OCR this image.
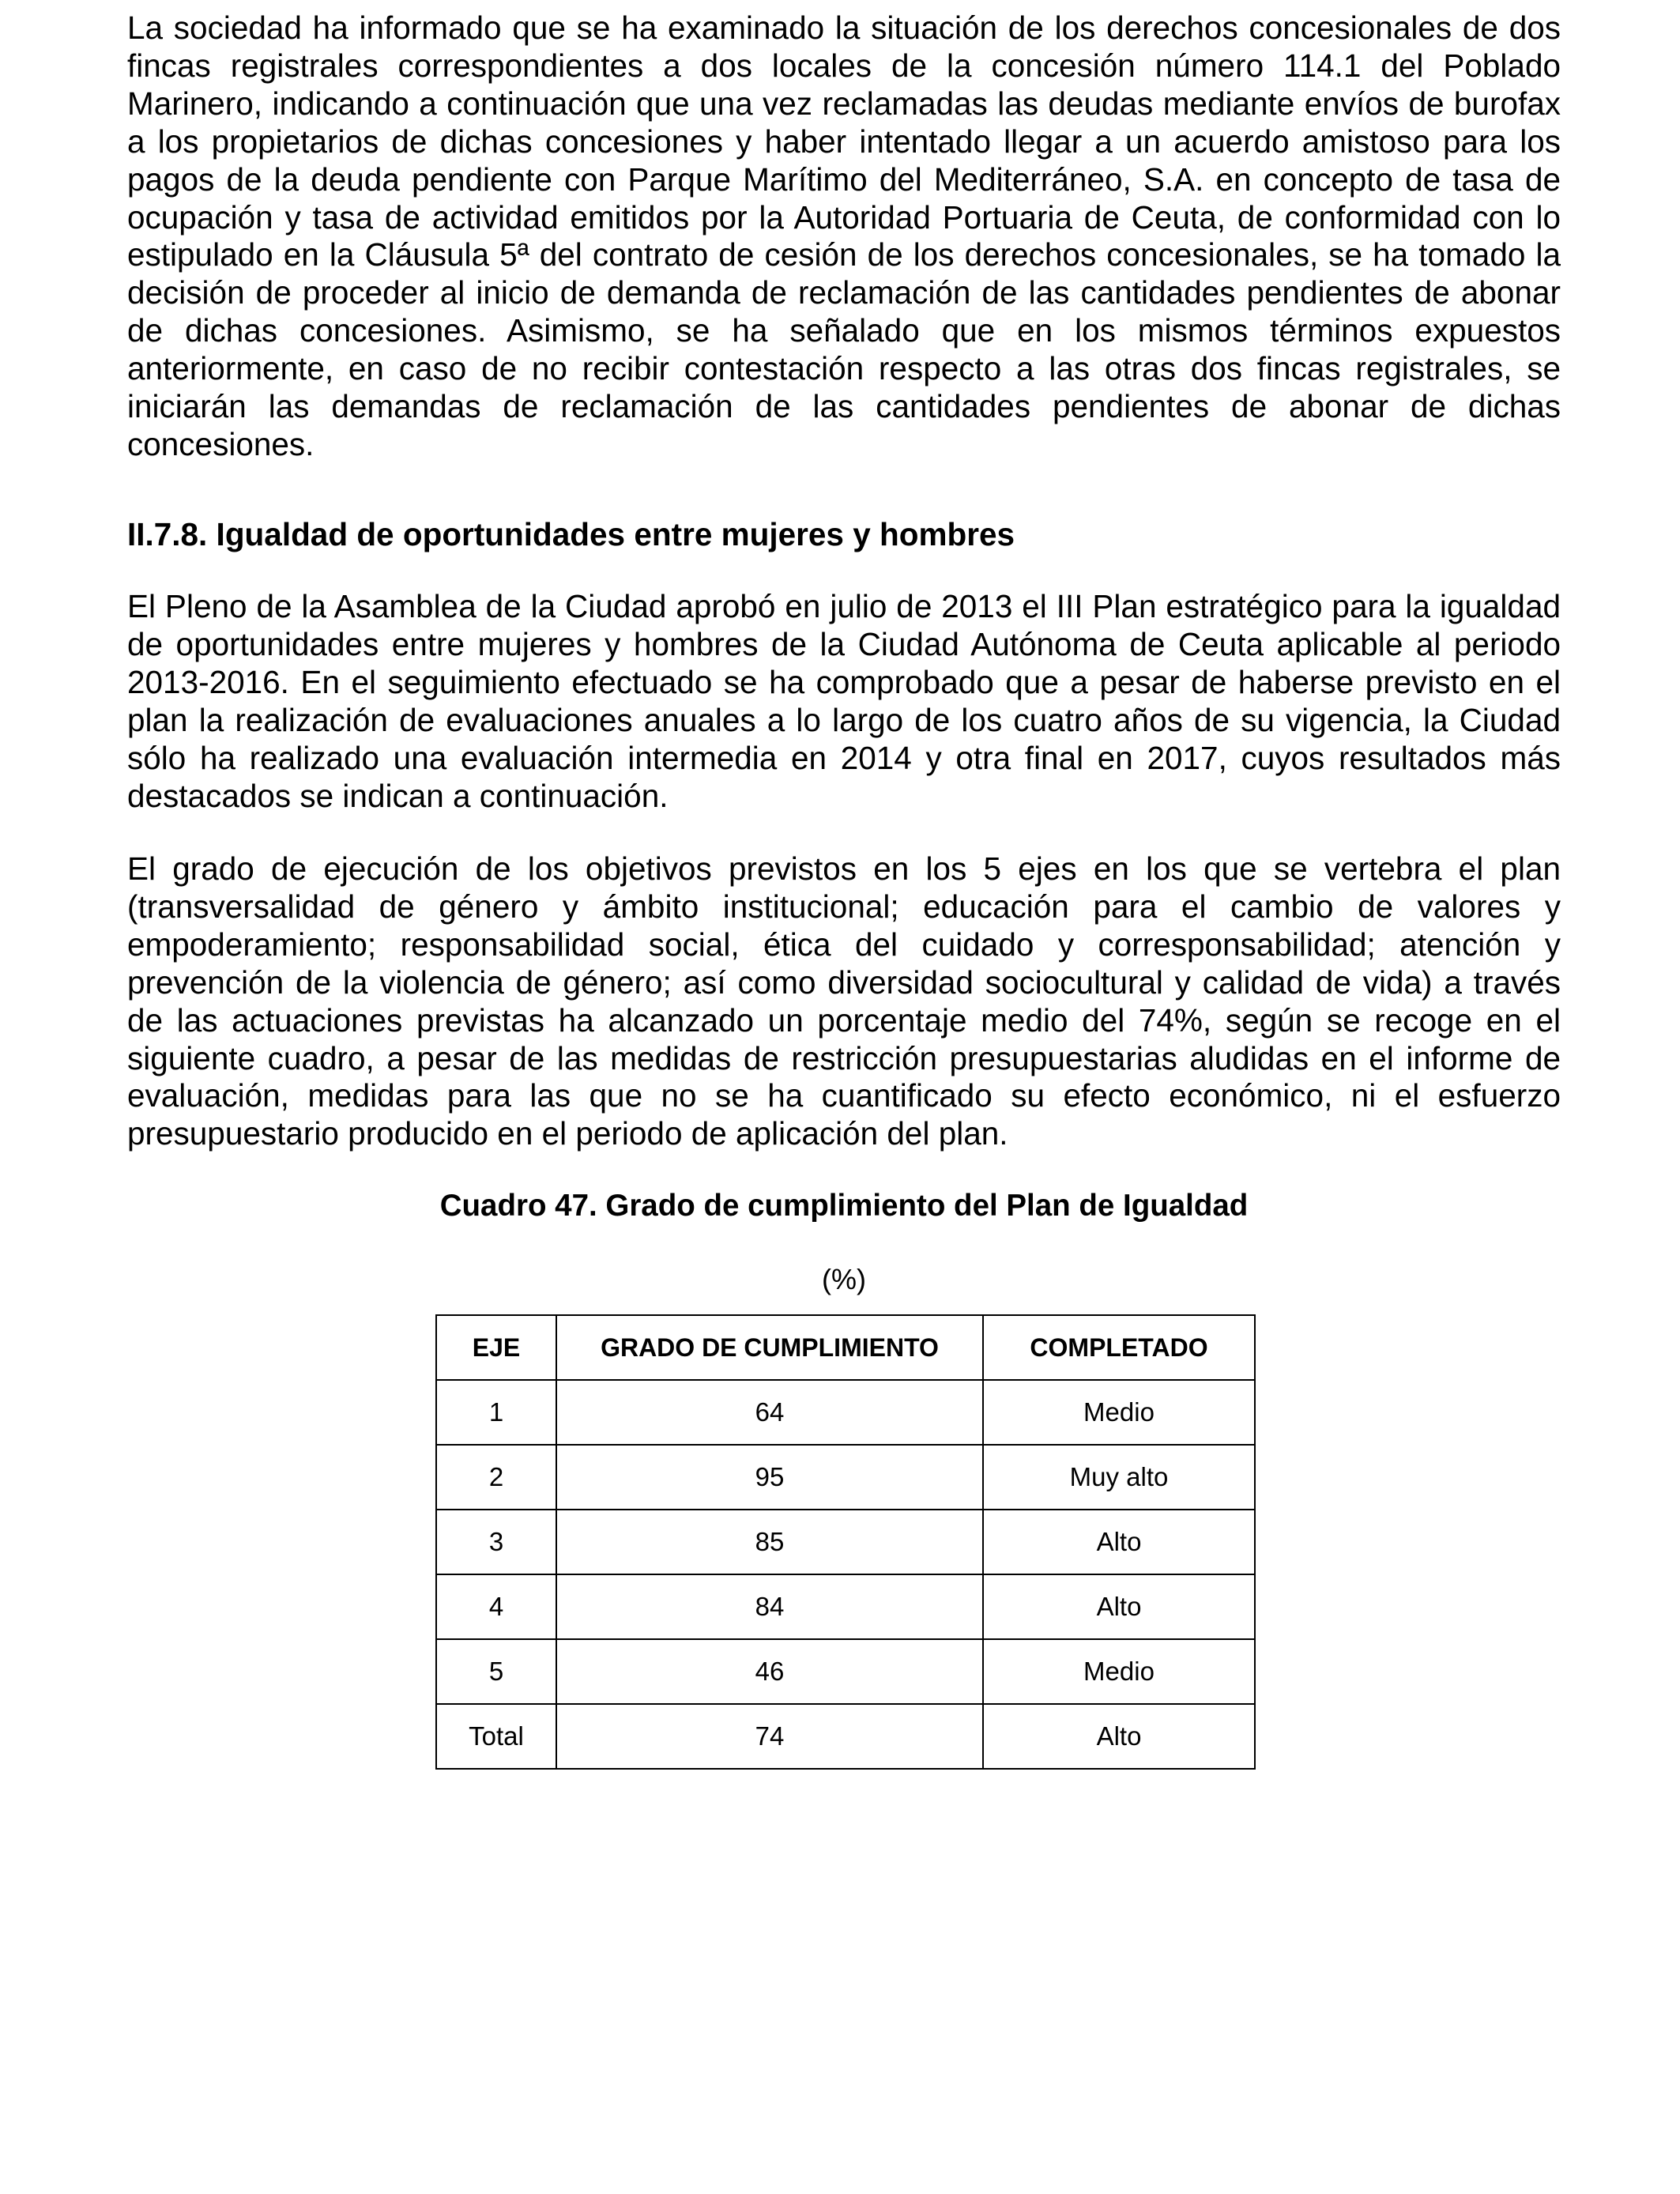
La sociedad ha informado que se ha examinado la situación de los derechos concesionales de dos fincas registrales correspondientes a dos locales de la concesión número 114.1 del Poblado Marinero, indicando a continuación que una vez reclamadas las deudas mediante envíos de burofax a los propietarios de dichas concesiones y haber intentado llegar a un acuerdo amistoso para los pagos de la deuda pendiente con Parque Marítimo del Mediterráneo, S.A. en concepto de tasa de ocupación y tasa de actividad emitidos por la Autoridad Portuaria de Ceuta, de conformidad con lo estipulado en la Cláusula 5ª del contrato de cesión de los derechos concesionales, se ha tomado la decisión de proceder al inicio de demanda de reclamación de las cantidades pendientes de abonar de dichas concesiones. Asimismo, se ha señalado que en los mismos términos expuestos anteriormente, en caso de no recibir contestación respecto a las otras dos fincas registrales, se iniciarán las demandas de reclamación de las cantidades pendientes de abonar de dichas concesiones.

II.7.8. Igualdad de oportunidades entre mujeres y hombres

El Pleno de la Asamblea de la Ciudad aprobó en julio de 2013 el III Plan estratégico para la igualdad de oportunidades entre mujeres y hombres de la Ciudad Autónoma de Ceuta aplicable al periodo 2013-2016. En el seguimiento efectuado se ha comprobado que a pesar de haberse previsto en el plan la realización de evaluaciones anuales a lo largo de los cuatro años de su vigencia, la Ciudad sólo ha realizado una evaluación intermedia en 2014 y otra final en 2017, cuyos resultados más destacados se indican a continuación.

El grado de ejecución de los objetivos previstos en los 5 ejes en los que se vertebra el plan (transversalidad de género y ámbito institucional; educación para el cambio de valores y empoderamiento; responsabilidad social, ética del cuidado y corresponsabilidad; atención y prevención de la violencia de género; así como diversidad sociocultural y calidad de vida) a través de las actuaciones previstas ha alcanzado un porcentaje medio del 74%, según se recoge en el siguiente cuadro, a pesar de las medidas de restricción presupuestarias aludidas en el informe de evaluación, medidas para las que no se ha cuantificado su efecto económico, ni el esfuerzo presupuestario producido en el periodo de aplicación del plan.

Cuadro 47. Grado de cumplimiento del Plan de Igualdad

(%)

EJE	GRADO DE CUMPLIMIENTO	COMPLETADO
1	64	Medio
2	95	Muy alto
3	85	Alto
4	84	Alto
5	46	Medio
Total	74	Alto
